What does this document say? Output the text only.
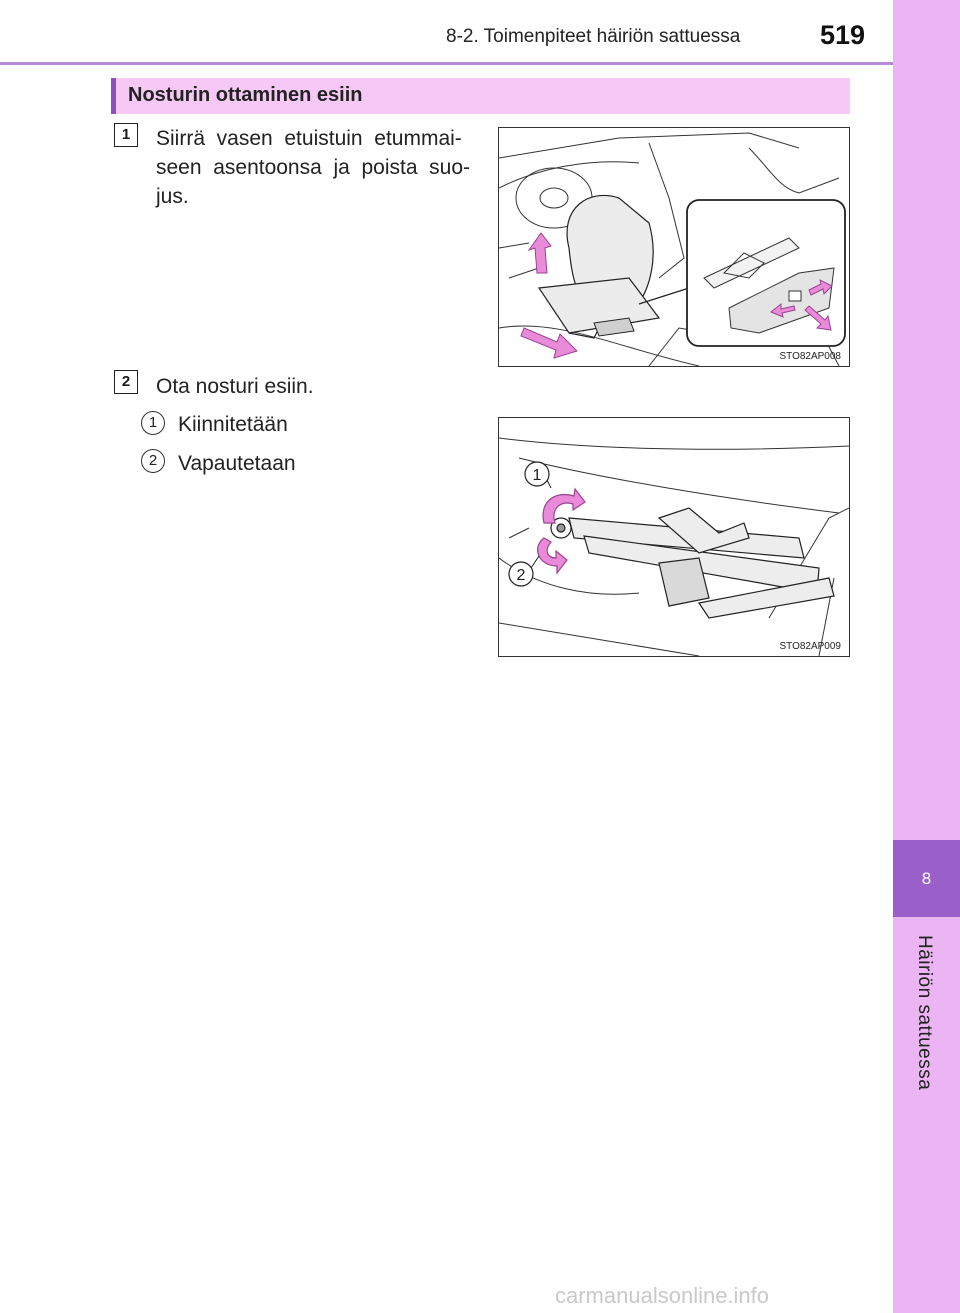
8-2. Toimenpiteet häiriön sattuessa	519
8
Häiriön sattuessa
Nosturin ottaminen esiin
1	Siirrä  vasen  etuistuin  etummai-
seen  asentoonsa  ja  poista  suo-
jus.
STO82AP008
2	Ota nosturi esiin.
1 Kiinnitetään
2 Vapautetaan
1
2
STO82AP009
carmanualsonline.info
